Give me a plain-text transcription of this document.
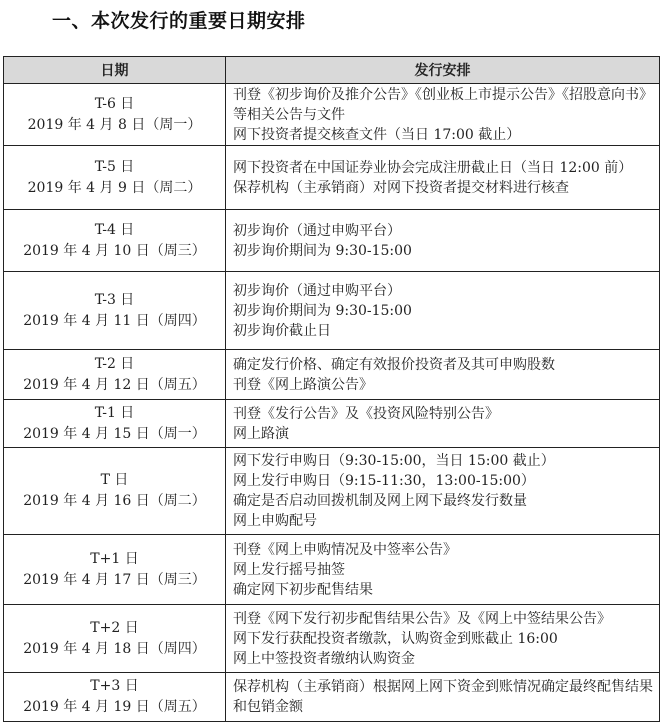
一、本次发行的重要日期安排
日期	发行安排

T-6 日
2019 年 4 月 8 日（周一）	刊登《初步询价及推介公告》《创业板上市提示公告》《招股意向书》等相关公告与文件
网下投资者提交核查文件（当日 17:00 截止）

T-5 日
2019 年 4 月 9 日（周二）	网下投资者在中国证券业协会完成注册截止日（当日 12:00 前）
保荐机构（主承销商）对网下投资者提交材料进行核查

T-4 日
2019 年 4 月 10 日（周三）	初步询价（通过申购平台）
初步询价期间为 9:30-15:00

T-3 日
2019 年 4 月 11 日（周四）	初步询价（通过申购平台）
初步询价期间为 9:30-15:00
初步询价截止日

T-2 日
2019 年 4 月 12 日（周五）	确定发行价格、确定有效报价投资者及其可申购股数
刊登《网上路演公告》

T-1 日
2019 年 4 月 15 日（周一）	刊登《发行公告》及《投资风险特别公告》
网上路演

T 日
2019 年 4 月 16 日（周二）	网下发行申购日（9:30-15:00，当日 15:00 截止）
网上发行申购日（9:15-11:30，13:00-15:00）
确定是否启动回拨机制及网上网下最终发行数量
网上申购配号

T+1 日
2019 年 4 月 17 日（周三）	刊登《网上申购情况及中签率公告》
网上发行摇号抽签
确定网下初步配售结果

T+2 日
2019 年 4 月 18 日（周四）	刊登《网下发行初步配售结果公告》及《网上中签结果公告》
网下发行获配投资者缴款，认购资金到账截止 16:00
网上中签投资者缴纳认购资金

T+3 日
2019 年 4 月 19 日（周五）	保荐机构（主承销商）根据网上网下资金到账情况确定最终配售结果和包销金额
